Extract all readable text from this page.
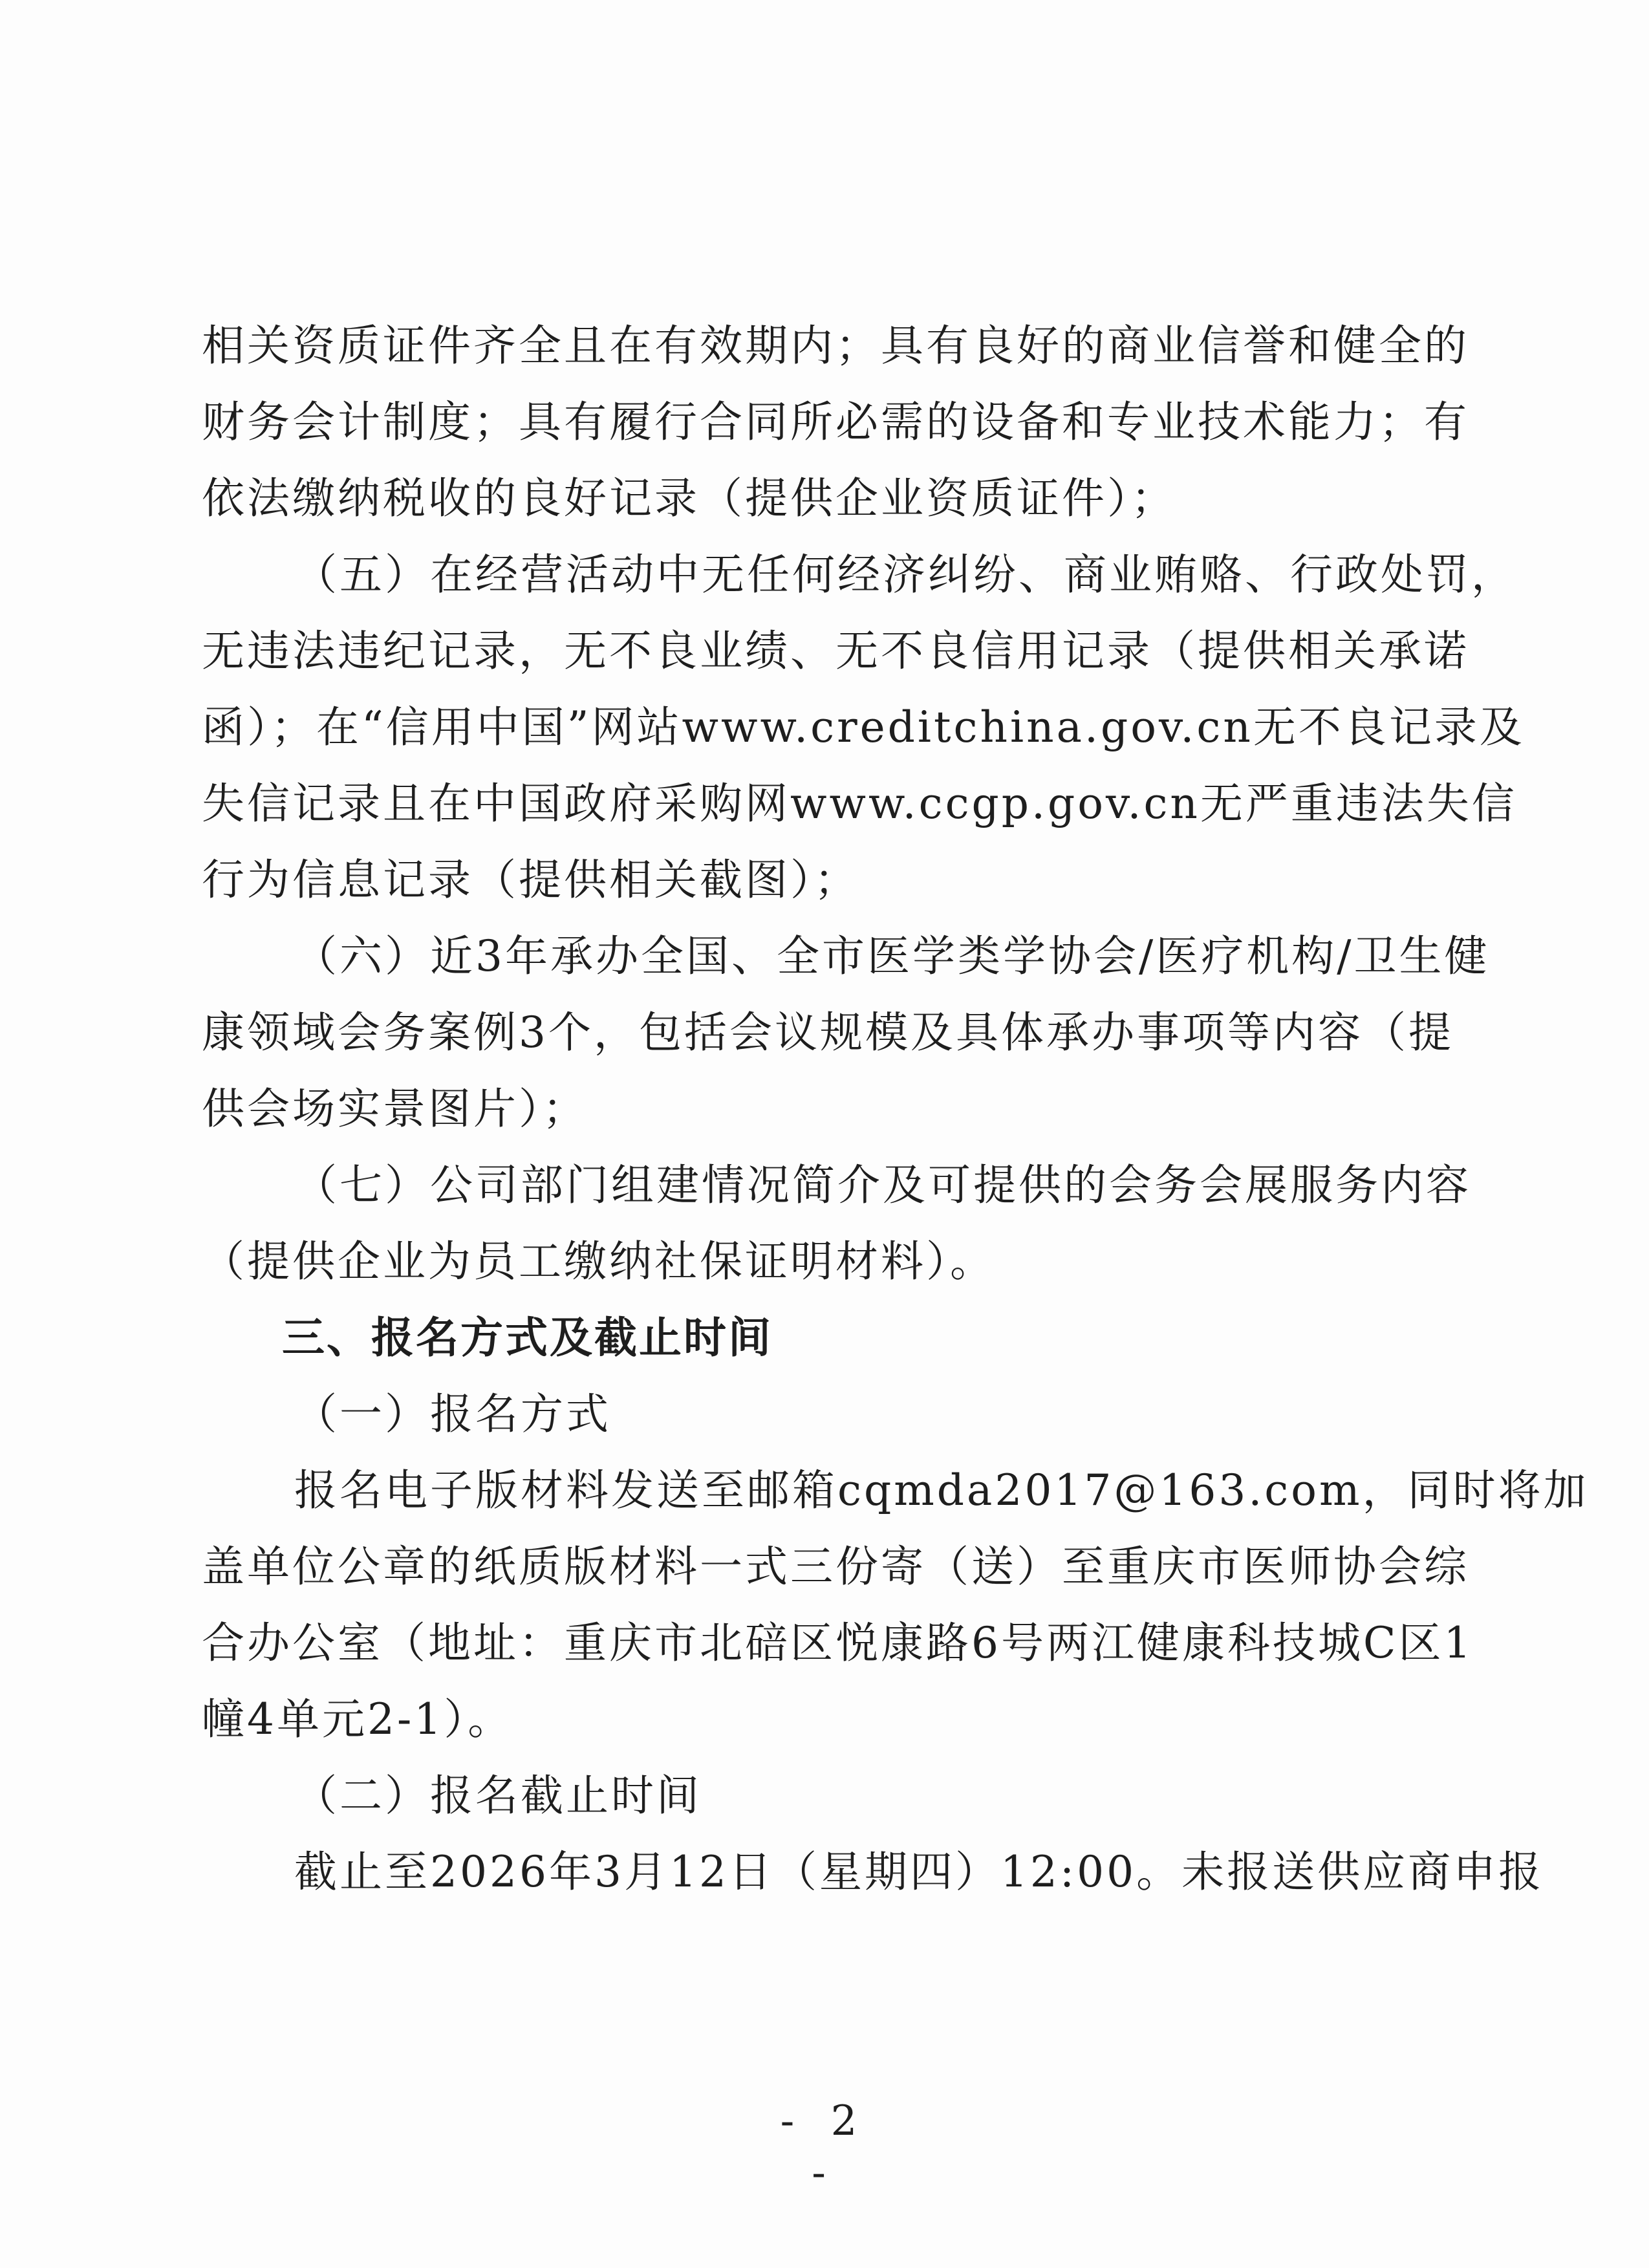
相关资质证件齐全且在有效期内；具有良好的商业信誉和健全的
财务会计制度；具有履行合同所必需的设备和专业技术能力；有
依法缴纳税收的良好记录（提供企业资质证件）；
（五）在经营活动中无任何经济纠纷、商业贿赂、行政处罚，
无违法违纪记录，无不良业绩、无不良信用记录（提供相关承诺
函）；在“信用中国”网站www.creditchina.gov.cn无不良记录及
失信记录且在中国政府采购网www.ccgp.gov.cn无严重违法失信
行为信息记录（提供相关截图）；
（六）近3年承办全国、全市医学类学协会/医疗机构/卫生健
康领域会务案例3个，包括会议规模及具体承办事项等内容（提
供会场实景图片）；
（七）公司部门组建情况简介及可提供的会务会展服务内容
（提供企业为员工缴纳社保证明材料）。
三、报名方式及截止时间
（一）报名方式
报名电子版材料发送至邮箱cqmda2017@163.com，同时将加
盖单位公章的纸质版材料一式三份寄（送）至重庆市医师协会综
合办公室（地址：重庆市北碚区悦康路6号两江健康科技城C区1
幢4单元2-1）。
（二）报名截止时间
截止至2026年3月12日（星期四）12:00。未报送供应商申报
- 2 -
